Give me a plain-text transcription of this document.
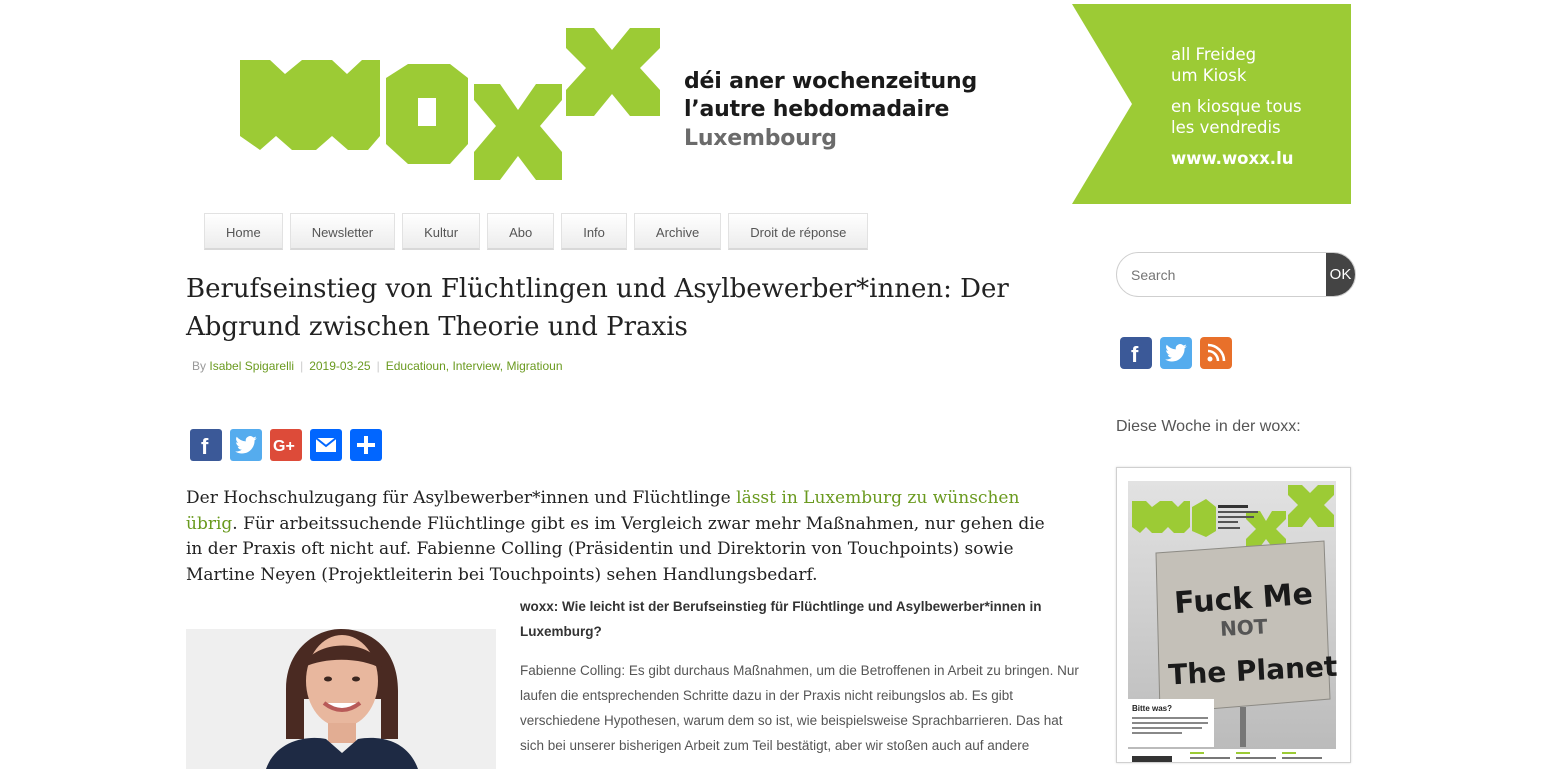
déi aner wochenzeitung
l’autre hebdomadaire
Luxembourg
all Freideg
um Kiosk
en kiosque tous
les vendredis
www.woxx.lu
Home	Newsletter	Kultur	Abo	Info	Archive	Droit de réponse
Berufseinstieg von Flüchtlingen und Asylbewerber*innen: Der Abgrund zwischen Theorie und Praxis
By Isabel Spigarelli | 2019-03-25 | Educatioun, Interview, Migratioun
f	G+
Der Hochschulzugang für Asylbewerber*innen und Flüchtlinge lässt in Luxemburg zu wünschen übrig. Für arbeitssuchende Flüchtlinge gibt es im Vergleich zwar mehr Maßnahmen, nur gehen die in der Praxis oft nicht auf. Fabienne Colling (Präsidentin und Direktorin von Touchpoints) sowie Martine Neyen (Projektleiterin bei Touchpoints) sehen Handlungsbedarf.
woxx: Wie leicht ist der Berufseinstieg für Flüchtlinge und Asylbewerber*innen in Luxemburg?
Fabienne Colling: Es gibt durchaus Maßnahmen, um die Betroffenen in Arbeit zu bringen. Nur laufen die entsprechenden Schritte dazu in der Praxis nicht reibungslos ab. Es gibt verschiedene Hypothesen, warum dem so ist, wie beispielsweise Sprachbarrieren. Das hat sich bei unserer bisherigen Arbeit zum Teil bestätigt, aber wir stoßen auch auf andere
Search
OK
f
Diese Woche in der woxx:
Fuck Me
NOT
The Planet
Bitte was?
